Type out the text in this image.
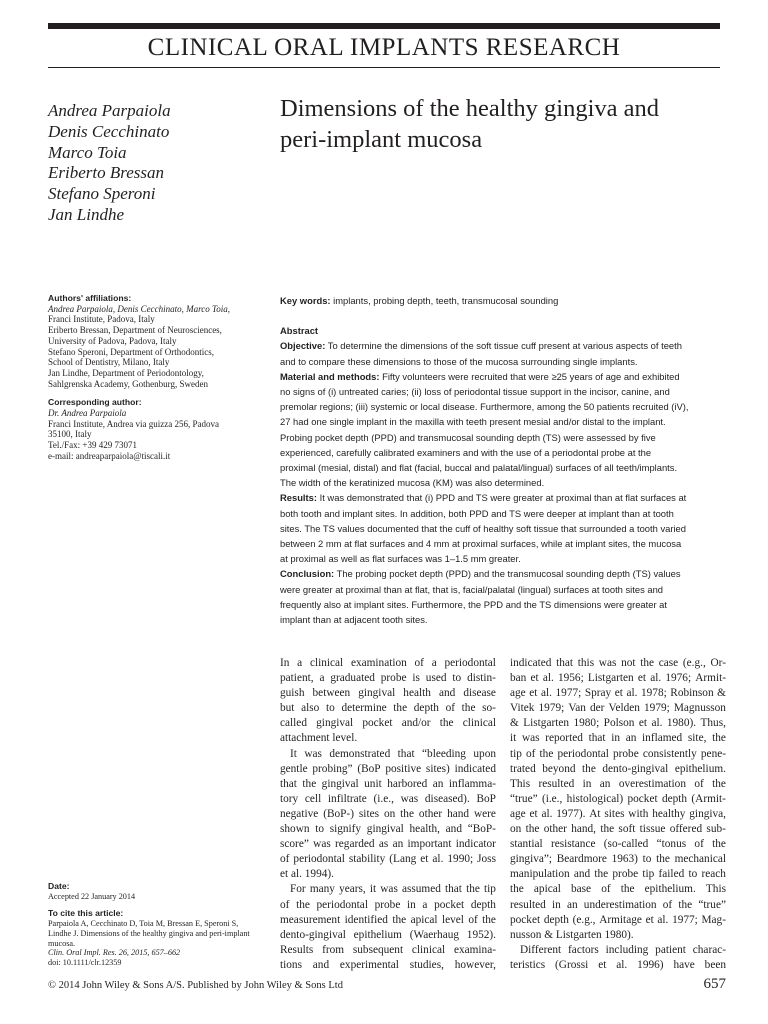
CLINICAL ORAL IMPLANTS RESEARCH
Andrea Parpaiola
Denis Cecchinato
Marco Toia
Eriberto Bressan
Stefano Speroni
Jan Lindhe
Dimensions of the healthy gingiva and
peri-implant mucosa
Authors' affiliations:
Andrea Parpaiola, Denis Cecchinato, Marco Toia,
Franci Institute, Padova, Italy
Eriberto Bressan, Department of Neurosciences,
University of Padova, Padova, Italy
Stefano Speroni, Department of Orthodontics,
School of Dentistry, Milano, Italy
Jan Lindhe, Department of Periodontology,
Sahlgrenska Academy, Gothenburg, Sweden
Corresponding author:
Dr. Andrea Parpaiola
Franci Institute, Andrea via guizza 256, Padova
35100, Italy
Tel./Fax: +39 429 73071
e-mail: andreaparpaiola@tiscali.it
Key words: implants, probing depth, teeth, transmucosal sounding
Abstract
Objective: To determine the dimensions of the soft tissue cuff present at various aspects of teeth
and to compare these dimensions to those of the mucosa surrounding single implants.
Material and methods: Fifty volunteers were recruited that were ≥25 years of age and exhibited
no signs of (i) untreated caries; (ii) loss of periodontal tissue support in the incisor, canine, and
premolar regions; (iii) systemic or local disease. Furthermore, among the 50 patients recruited (iV),
27 had one single implant in the maxilla with teeth present mesial and/or distal to the implant.
Probing pocket depth (PPD) and transmucosal sounding depth (TS) were assessed by five
experienced, carefully calibrated examiners and with the use of a periodontal probe at the
proximal (mesial, distal) and flat (facial, buccal and palatal/lingual) surfaces of all teeth/implants.
The width of the keratinized mucosa (KM) was also determined.
Results: It was demonstrated that (i) PPD and TS were greater at proximal than at flat surfaces at
both tooth and implant sites. In addition, both PPD and TS were deeper at implant than at tooth
sites. The TS values documented that the cuff of healthy soft tissue that surrounded a tooth varied
between 2 mm at flat surfaces and 4 mm at proximal surfaces, while at implant sites, the mucosa
at proximal as well as flat surfaces was 1–1.5 mm greater.
Conclusion: The probing pocket depth (PPD) and the transmucosal sounding depth (TS) values
were greater at proximal than at flat, that is, facial/palatal (lingual) surfaces at tooth sites and
frequently also at implant sites. Furthermore, the PPD and the TS dimensions were greater at
implant than at adjacent tooth sites.
In a clinical examination of a periodontal
patient, a graduated probe is used to distin-
guish between gingival health and disease
but also to determine the depth of the so-
called gingival pocket and/or the clinical
attachment level.
It was demonstrated that “bleeding upon
gentle probing” (BoP positive sites) indicated
that the gingival unit harbored an inflamma-
tory cell infiltrate (i.e., was diseased). BoP
negative (BoP-) sites on the other hand were
shown to signify gingival health, and “BoP-
score” was regarded as an important indicator
of periodontal stability (Lang et al. 1990; Joss
et al. 1994).
For many years, it was assumed that the tip
of the periodontal probe in a pocket depth
measurement identified the apical level of the
dento-gingival epithelium (Waerhaug 1952).
Results from subsequent clinical examina-
tions and experimental studies, however,
indicated that this was not the case (e.g., Or-
ban et al. 1956; Listgarten et al. 1976; Armit-
age et al. 1977; Spray et al. 1978; Robinson &
Vitek 1979; Van der Velden 1979; Magnusson
& Listgarten 1980; Polson et al. 1980). Thus,
it was reported that in an inflamed site, the
tip of the periodontal probe consistently pene-
trated beyond the dento-gingival epithelium.
This resulted in an overestimation of the
“true” (i.e., histological) pocket depth (Armit-
age et al. 1977). At sites with healthy gingiva,
on the other hand, the soft tissue offered sub-
stantial resistance (so-called “tonus of the
gingiva”; Beardmore 1963) to the mechanical
manipulation and the probe tip failed to reach
the apical base of the epithelium. This
resulted in an underestimation of the “true”
pocket depth (e.g., Armitage et al. 1977; Mag-
nusson & Listgarten 1980).
Different factors including patient charac-
teristics (Grossi et al. 1996) have been
Date:
Accepted 22 January 2014
To cite this article:
Parpaiola A, Cecchinato D, Toia M, Bressan E, Speroni S,
Lindhe J. Dimensions of the healthy gingiva and peri-implant
mucosa.
Clin. Oral Impl. Res. 26, 2015, 657–662
doi: 10.1111/clr.12359
© 2014 John Wiley & Sons A/S. Published by John Wiley & Sons Ltd	657
